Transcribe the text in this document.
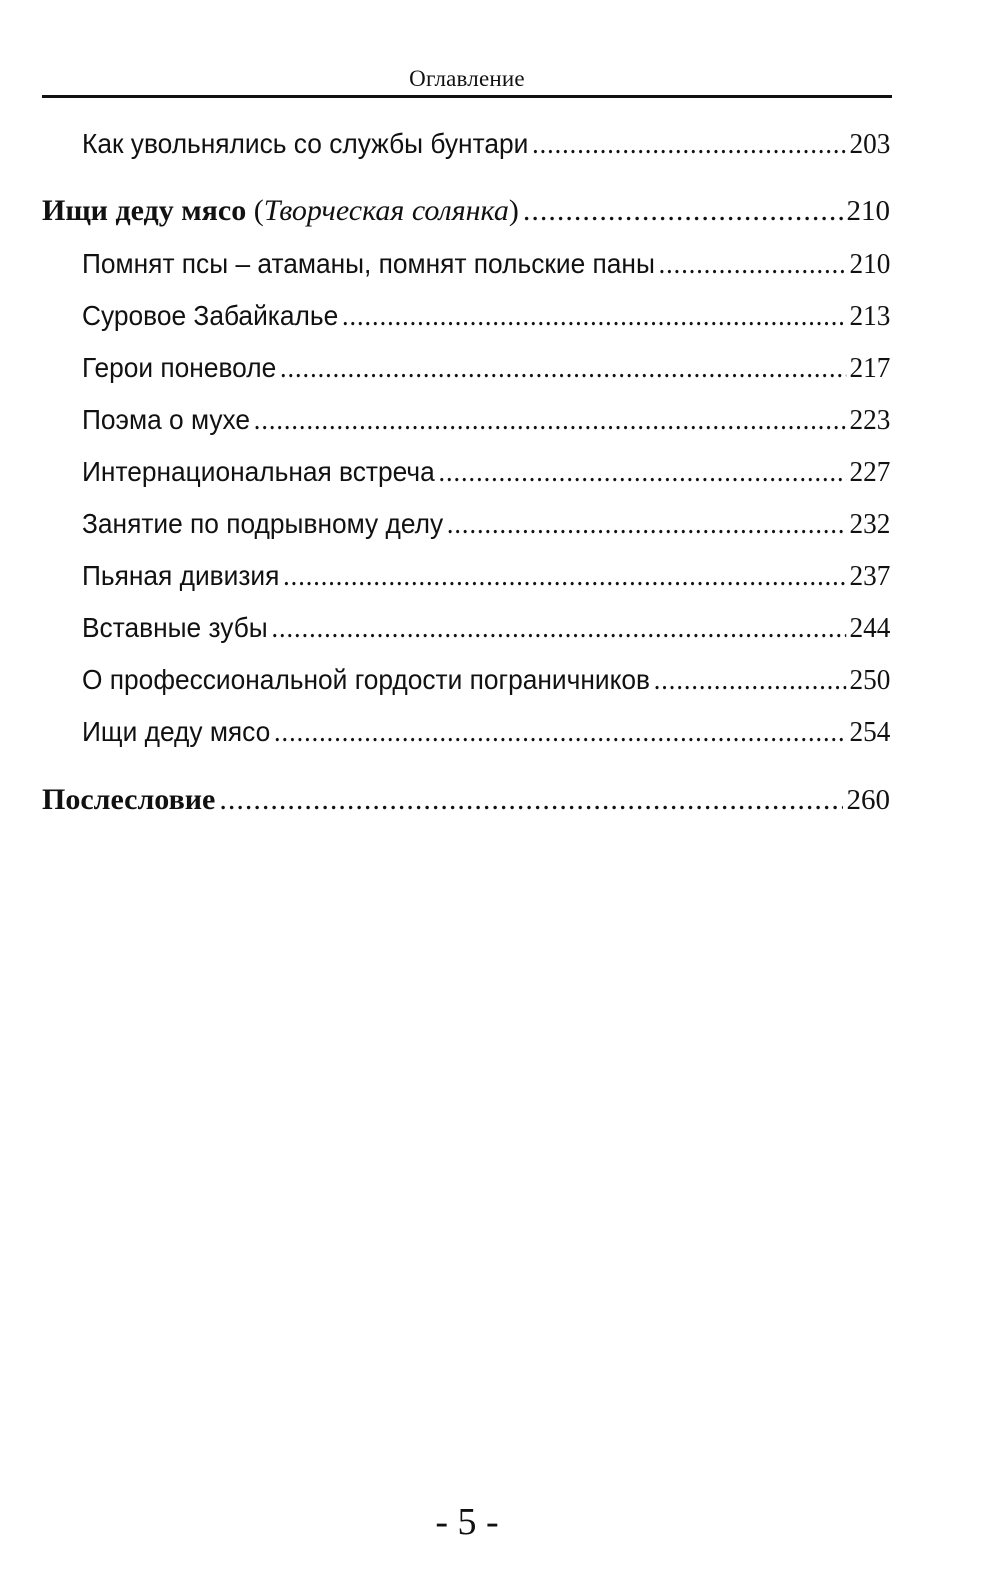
Оглавление
Как увольнялись со службы бунтари .....	203
Ищи деду мясо (Творческая солянка) .....	210
Помнят псы – атаманы, помнят польские паны .....	210
Суровое Забайкалье .....	213
Герои поневоле .....	217
Поэма о мухе .....	223
Интернациональная встреча .....	227
Занятие по подрывному делу .....	232
Пьяная дивизия .....	237
Вставные зубы .....	244
О профессиональной гордости пограничников .....	250
Ищи деду мясо .....	254
Послесловие .....	260
- 5 -
